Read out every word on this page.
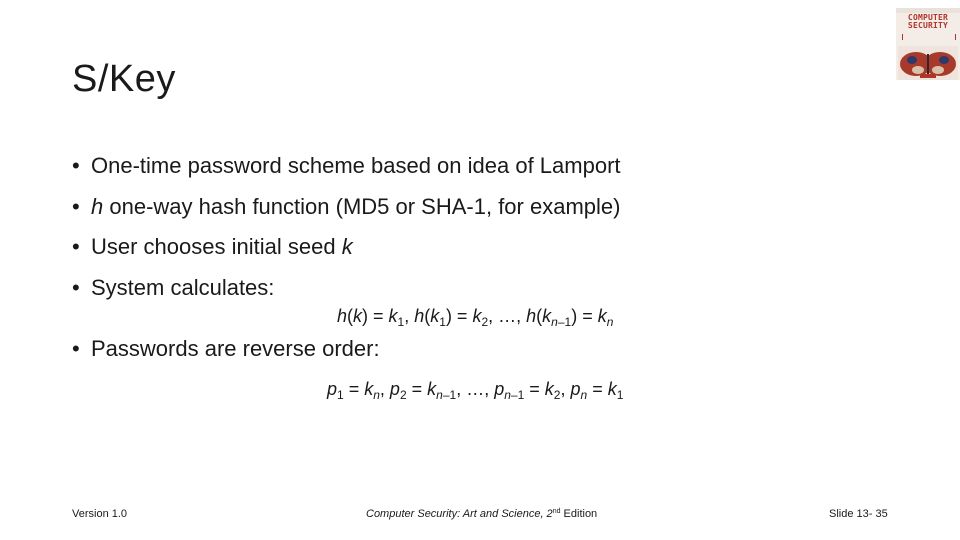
S/Key
COMPUTER
SECURITY
• One-time password scheme based on idea of Lamport
• h one-way hash function (MD5 or SHA-1, for example)
• User chooses initial seed k
• System calculates:
$h(k) = k_1$, $h(k_1) = k_2$, …, $h(k_{n-1}) = k_n$
• Passwords are reverse order:
$p_1 = k_n$, $p_2 = k_{n-1}$, …, $p_{n-1} = k_2$, $p_n = k_1$
Version 1.0	Computer Security: Art and Science, 2nd Edition	Slide 13- 35
